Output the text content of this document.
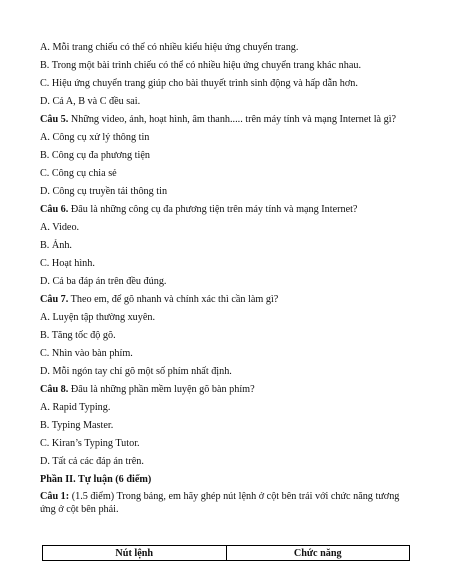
A. Mỗi trang chiếu có thể có nhiều kiểu hiệu ứng chuyển trang.
B. Trong một bài trình chiếu có thể có nhiều hiệu ứng chuyển trang khác nhau.
C. Hiệu ứng chuyển trang giúp cho bài thuyết trình sinh động và hấp dẫn hơn.
D. Cả A, B và C đều sai.
Câu 5. Những video, ảnh, hoạt hình, âm thanh..... trên máy tính và mạng Internet là gì?
A. Công cụ xử lý thông tin
B. Công cụ đa phương tiện
C. Công cụ chia sẻ
D. Công cụ truyền tải thông tin
Câu 6. Đâu là những công cụ đa phương tiện trên máy tính và mạng Internet?
A. Video.
B. Ảnh.
C. Hoạt hình.
D. Cả ba đáp án trên đều đúng.
Câu 7. Theo em, để gõ nhanh và chính xác thì cần làm gì?
A. Luyện tập thường xuyên.
B. Tăng tốc độ gõ.
C. Nhìn vào bàn phím.
D. Mỗi ngón tay chỉ gõ một số phím nhất định.
Câu 8. Đâu là những phần mềm luyện gõ bàn phím?
A. Rapid Typing.
B. Typing Master.
C. Kiran’s Typing Tutor.
D. Tất cả các đáp án trên.
Phần II. Tự luận (6 điểm)
Câu 1: (1.5 điểm) Trong bảng, em hãy ghép nút lệnh ở cột bên trái với chức năng tương ứng ở cột bên phải.
Nút lệnh	Chức năng
